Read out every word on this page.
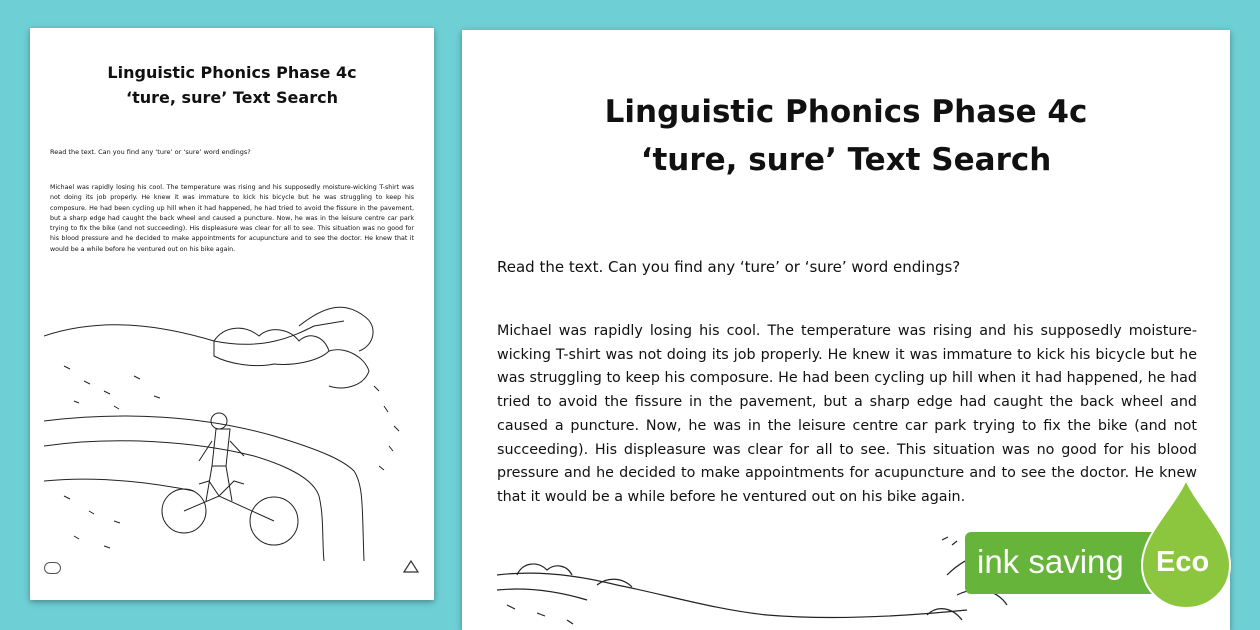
Linguistic Phonics Phase 4c
‘ture, sure’ Text Search
Read the text. Can you find any ‘ture’ or ‘sure’ word endings?
Michael was rapidly losing his cool. The temperature was rising and his supposedly moisture-wicking T-shirt was not doing its job properly. He knew it was immature to kick his bicycle but he was struggling to keep his composure. He had been cycling up hill when it had happened, he had tried to avoid the fissure in the pavement, but a sharp edge had caught the back wheel and caused a puncture. Now, he was in the leisure centre car park trying to fix the bike (and not succeeding). His displeasure was clear for all to see. This situation was no good for his blood pressure and he decided to make appointments for acupuncture and to see the doctor. He knew that it would be a while before he ventured out on his bike again.

Linguistic Phonics Phase 4c
‘ture, sure’ Text Search
Read the text. Can you find any ‘ture’ or ‘sure’ word endings?
Michael was rapidly losing his cool. The temperature was rising and his supposedly moisture-wicking T-shirt was not doing its job properly. He knew it was immature to kick his bicycle but he was struggling to keep his composure. He had been cycling up hill when it had happened, he had tried to avoid the fissure in the pavement, but a sharp edge had caught the back wheel and caused a puncture. Now, he was in the leisure centre car park trying to fix the bike (and not succeeding). His displeasure was clear for all to see. This situation was no good for his blood pressure and he decided to make appointments for acupuncture and to see the doctor. He knew that it would be a while before he ventured out on his bike again.
ink saving Eco
